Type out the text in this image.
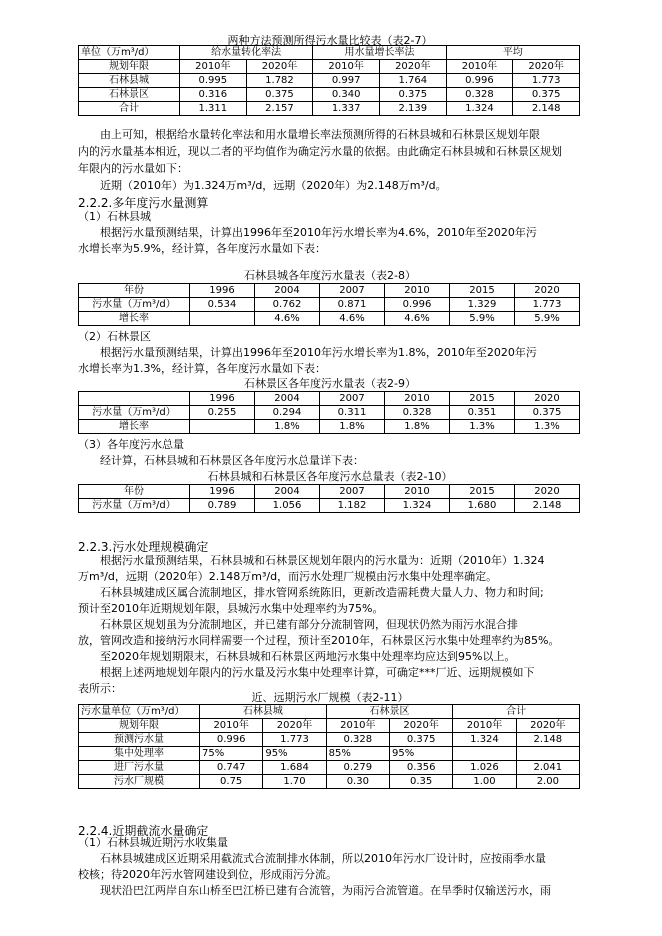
两种方法预测所得污水量比较表（表2-7）
单位（万m³/d）	给水量转化率法		用水量增长率法		平均	
规划年限	2010年	2020年	2010年	2020年	2010年	2020年
石林县城	0.995	1.782	0.997	1.764	0.996	1.773
石林景区	0.316	0.375	0.340	0.375	0.328	0.375
合计	1.311	2.157	1.337	2.139	1.324	2.148
由上可知，根据给水量转化率法和用水量增长率法预测所得的石林县城和石林景区规划年限
内的污水量基本相近，现以二者的平均值作为确定污水量的依据。由此确定石林县城和石林景区规划
年限内的污水量如下：
近期（2010年）为1.324万m³/d，远期（2020年）为2.148万m³/d。
2.2.2.多年度污水量测算
（1）石林县城
根据污水量预测结果，计算出1996年至2010年污水增长率为4.6%，2010年至2020年污
水增长率为5.9%，经计算，各年度污水量如下表：
石林县城各年度污水量表（表2-8）
年份	1996	2004	2007	2010	2015	2020
污水量（万m³/d）	0.534	0.762	0.871	0.996	1.329	1.773
增长率		4.6%	4.6%	4.6%	5.9%	5.9%
（2）石林景区
根据污水量预测结果，计算出1996年至2010年污水增长率为1.8%，2010年至2020年污
水增长率为1.3%，经计算，各年度污水量如下表：
石林景区各年度污水量表（表2-9）
	1996	2004	2007	2010	2015	2020
污水量（万m³/d）	0.255	0.294	0.311	0.328	0.351	0.375
增长率		1.8%	1.8%	1.8%	1.3%	1.3%
（3）各年度污水总量
经计算，石林县城和石林景区各年度污水总量详下表：
石林县城和石林景区各年度污水总量表（表2-10）
年份	1996	2004	2007	2010	2015	2020
污水量（万m³/d）	0.789	1.056	1.182	1.324	1.680	2.148
2.2.3.污水处理规模确定
根据污水量预测结果，石林县城和石林景区规划年限内的污水量为：近期（2010年）1.324
万m³/d，远期（2020年）2.148万m³/d，而污水处理厂规模由污水集中处理率确定。
石林县城建成区属合流制地区，排水管网系统陈旧，更新改造需耗费大量人力、物力和时间;
预计至2010年近期规划年限，县城污水集中处理率约为75%。
石林景区规划虽为分流制地区，并已建有部分分流制管网，但现状仍然为雨污水混合排
放，管网改造和接纳污水同样需要一个过程，预计至2010年，石林景区污水集中处理率约为85%。
至2020年规划期限末，石林县城和石林景区两地污水集中处理率均应达到95%以上。
根据上述两地规划年限内的污水量及污水集中处理率计算，可确定***厂近、远期规模如下
表所示：
近、远期污水厂规模（表2-11）
污水量单位（万m³/d）	石林县城		石林景区		合计	
规划年限	2010年	2020年	2010年	2020年	2010年	2020年
预测污水量	0.996	1.773	0.328	0.375	1.324	2.148
集中处理率	75%	95%	85%	95%		
进厂污水量	0.747	1.684	0.279	0.356	1.026	2.041
污水厂规模	0.75	1.70	0.30	0.35	1.00	2.00
2.2.4.近期截流水量确定
（1）石林县城近期污水收集量
石林县城建成区近期采用截流式合流制排水体制，所以2010年污水厂设计时，应按雨季水量
校核；待2020年污水管网建设到位，形成雨污分流。
现状沿巴江两岸自东山桥至巴江桥已建有合流管，为雨污合流管道。在旱季时仅输送污水，雨
